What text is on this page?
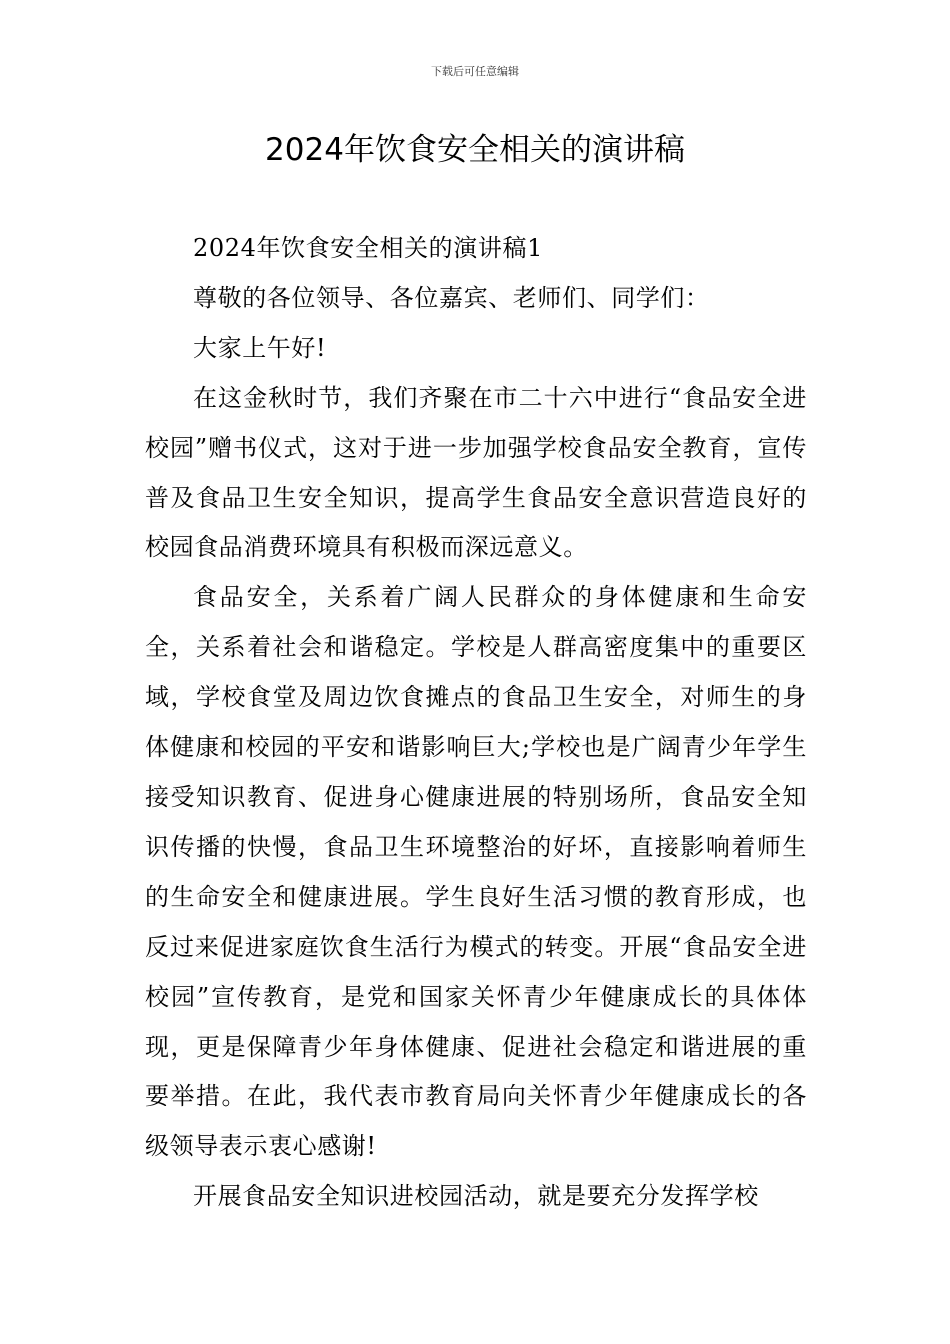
下载后可任意编辑
2024年饮食安全相关的演讲稿

2024年饮食安全相关的演讲稿1

尊敬的各位领导、各位嘉宾、老师们、同学们：

大家上午好!

在这金秋时节，我们齐聚在市二十六中进行“食品安全进校园”赠书仪式，这对于进一步加强学校食品安全教育，宣传普及食品卫生安全知识，提高学生食品安全意识营造良好的校园食品消费环境具有积极而深远意义。

食品安全，关系着广阔人民群众的身体健康和生命安全，关系着社会和谐稳定。学校是人群高密度集中的重要区域，学校食堂及周边饮食摊点的食品卫生安全，对师生的身体健康和校园的平安和谐影响巨大;学校也是广阔青少年学生接受知识教育、促进身心健康进展的特别场所，食品安全知识传播的快慢，食品卫生环境整治的好坏，直接影响着师生的生命安全和健康进展。学生良好生活习惯的教育形成，也反过来促进家庭饮食生活行为模式的转变。开展“食品安全进校园”宣传教育，是党和国家关怀青少年健康成长的具体体现，更是保障青少年身体健康、促进社会稳定和谐进展的重要举措。在此，我代表市教育局向关怀青少年健康成长的各级领导表示衷心感谢!

开展食品安全知识进校园活动，就是要充分发挥学校
